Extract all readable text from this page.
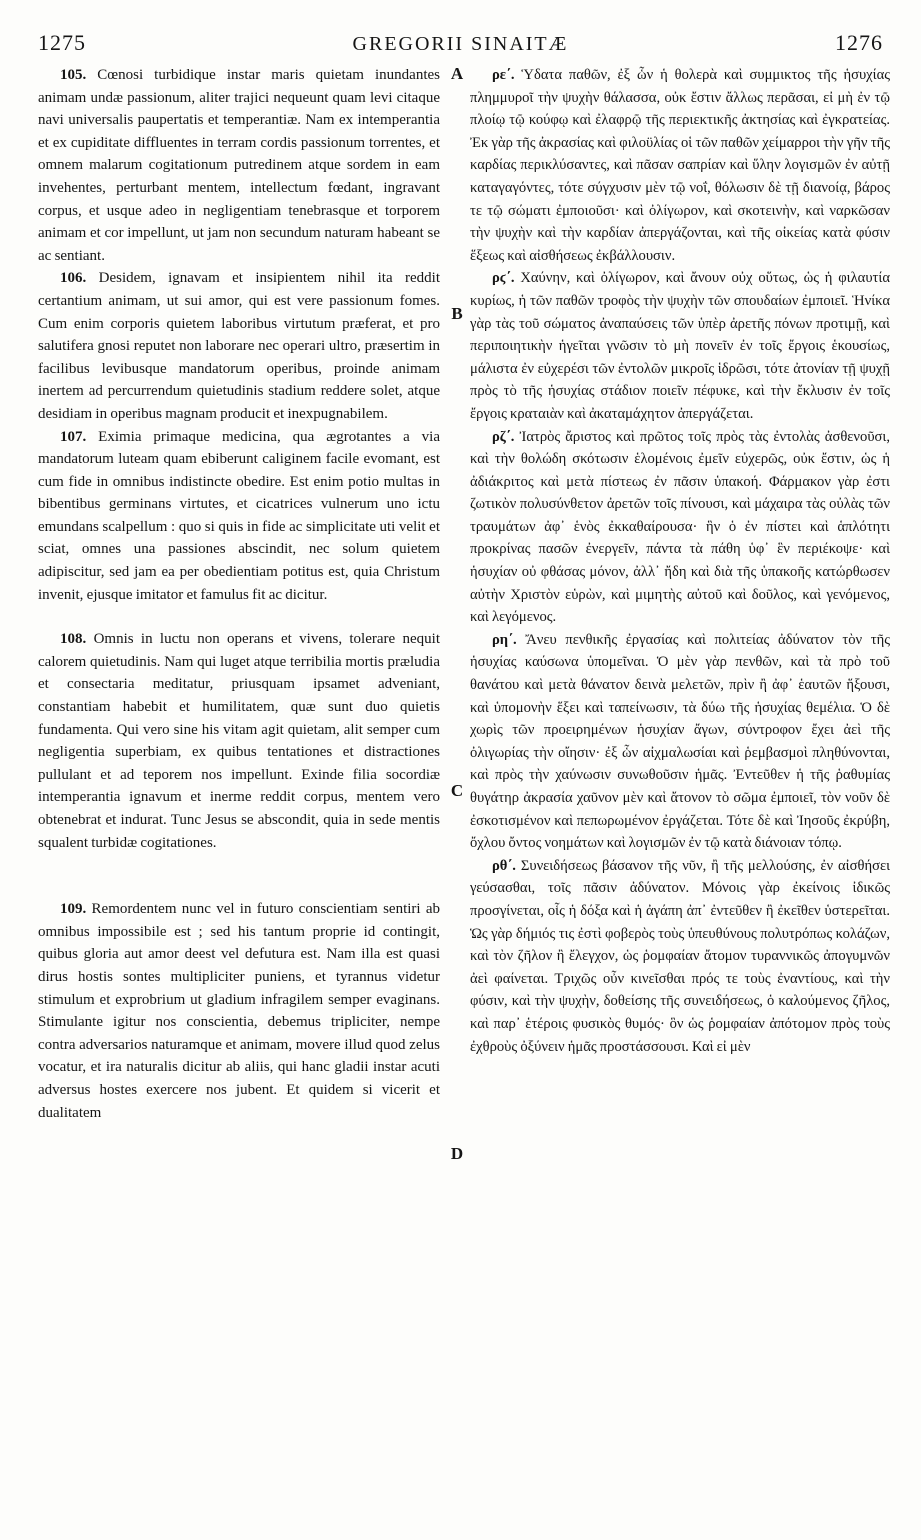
1275	GREGORII SINAITÆ	1276

105. Cœnosi turbidique instar maris quietam inundantes animam undæ passionum, aliter trajici nequeunt quam levi citaque navi universalis paupertatis et temperantiæ. Nam ex intemperantia et ex cupiditate diffluentes in terram cordis passionum torrentes, et omnem malarum cogitationum putredinem atque sordem in eam invehentes, perturbant mentem, intellectum fœdant, ingravant corpus, et usque adeo in negligentiam tenebrasque et torporem animam et cor impellunt, ut jam non secundum naturam habeant se ac sentiant.

106. Desidem, ignavam et insipientem nihil ita reddit certantium animam, ut sui amor, qui est vere passionum fomes. Cum enim corporis quietem laboribus virtutum præferat, et pro salutifera gnosi reputet non laborare nec operari ultro, præsertim in facilibus levibusque mandatorum operibus, proinde animam inertem ad percurrendum quietudinis stadium reddere solet, atque desidiam in operibus magnam producit et inexpugnabilem.

107. Eximia primaque medicina, qua ægrotantes a via mandatorum luteam quam ebiberunt caliginem facile evomant, est cum fide in omnibus indistincte obedire. Est enim potio multas in bibentibus germinans virtutes, et cicatrices vulnerum uno ictu emundans scalpellum : quo si quis in fide ac simplicitate uti velit et sciat, omnes una passiones abscindit, nec solum quietem adipiscitur, sed jam ea per obedientiam potitus est, quia Christum invenit, ejusque imitator et famulus fit ac dicitur.

108. Omnis in luctu non operans et vivens, tolerare nequit calorem quietudinis. Nam qui luget atque terribilia mortis præludia et consectaria meditatur, priusquam ipsamet adveniant, constantiam habebit et humilitatem, quæ sunt duo quietis fundamenta. Qui vero sine his vitam agit quietam, alit semper cum negligentia superbiam, ex quibus tentationes et distractiones pullulant et ad teporem nos impellunt. Exinde filia socordiæ intemperantia ignavum et inerme reddit corpus, mentem vero obtenebrat et indurat. Tunc Jesus se abscondit, quia in sede mentis squalent turbidæ cogitationes.

109. Remordentem nunc vel in futuro conscientiam sentiri ab omnibus impossibile est ; sed his tantum proprie id contingit, quibus gloria aut amor deest vel defutura est. Nam illa est quasi dirus hostis sontes multipliciter puniens, et tyrannus videtur stimulum et exprobrium ut gladium infragilem semper evaginans. Stimulante igitur nos conscientia, debemus tripliciter, nempe contra adversarios naturamque et animam, movere illud quod zelus vocatur, et ira naturalis dicitur ab aliis, qui hanc gladii instar acuti adversus hostes exercere nos jubent. Et quidem si vicerit et dualitatem

A
B
C
D

ρε΄. Ὑδατα παθῶν, ἐξ ὧν ἡ θολερὰ καὶ συμμικτος τῆς ἡσυχίας πλημμυροῖ τὴν ψυχὴν θάλασσα, οὐκ ἔστιν ἄλλως περᾶσαι, εἰ μὴ ἐν τῷ πλοίῳ τῷ κούφῳ καὶ ἐλαφρῷ τῆς περιεκτικῆς ἀκτησίας καὶ ἐγκρατείας. Ἐκ γὰρ τῆς ἀκρασίας καὶ φιλοϋλίας οἱ τῶν παθῶν χείμαρροι τὴν γῆν τῆς καρδίας περικλύσαντες, καὶ πᾶσαν σαπρίαν καὶ ὕλην λογισμῶν ἐν αὐτῇ καταγαγόντες, τότε σύγχυσιν μὲν τῷ νοΐ, θόλωσιν δὲ τῇ διανοίᾳ, βάρος τε τῷ σώματι ἐμποιοῦσι· καὶ ὀλίγωρον, καὶ σκοτεινὴν, καὶ ναρκῶσαν τὴν ψυχὴν καὶ τὴν καρδίαν ἀπεργάζονται, καὶ τῆς οἰκείας κατὰ φύσιν ἕξεως καὶ αἰσθήσεως ἐκβάλλουσιν.

ρϛ΄. Χαύνην, καὶ ὀλίγωρον, καὶ ἄνουν οὐχ οὕτως, ὡς ἡ φιλαυτία κυρίως, ἡ τῶν παθῶν τροφὸς τὴν ψυχὴν τῶν σπουδαίων ἐμποιεῖ. Ἡνίκα γὰρ τὰς τοῦ σώματος ἀναπαύσεις τῶν ὑπὲρ ἀρετῆς πόνων προτιμῇ, καὶ περιποιητικὴν ἡγεῖται γνῶσιν τὸ μὴ πονεῖν ἐν τοῖς ἔργοις ἑκουσίως, μάλιστα ἐν εὐχερέσι τῶν ἐντολῶν μικροῖς ἱδρῶσι, τότε ἀτονίαν τῇ ψυχῇ πρὸς τὸ τῆς ἡσυχίας στάδιον ποιεῖν πέφυκε, καὶ τὴν ἔκλυσιν ἐν τοῖς ἔργοις κραταιὰν καὶ ἀκαταμάχητον ἀπεργάζεται.

ρζ΄. Ἰατρὸς ἄριστος καὶ πρῶτος τοῖς πρὸς τὰς ἐντολὰς ἀσθενοῦσι, καὶ τὴν θολώδη σκότωσιν ἑλομένοις ἐμεῖν εὐχερῶς, οὐκ ἔστιν, ὡς ἡ ἀδιάκριτος καὶ μετὰ πίστεως ἐν πᾶσιν ὑπακοή. Φάρμακον γὰρ ἐστι ζωτικὸν πολυσύνθετον ἀρετῶν τοῖς πίνουσι, καὶ μάχαιρα τὰς οὐλὰς τῶν τραυμάτων ἀφ᾽ ἑνὸς ἐκκαθαίρουσα· ἣν ὁ ἐν πίστει καὶ ἁπλότητι προκρίνας πασῶν ἐνεργεῖν, πάντα τὰ πάθη ὑφ᾽ ἓν περιέκοψε· καὶ ἡσυχίαν οὐ φθάσας μόνον, ἀλλ᾽ ἤδη καὶ διὰ τῆς ὑπακοῆς κατώρθωσεν αὐτὴν Χριστὸν εὑρὼν, καὶ μιμητὴς αὐτοῦ καὶ δοῦλος, καὶ γενόμενος, καὶ λεγόμενος.

ρη΄. Ἄνευ πενθικῆς ἐργασίας καὶ πολιτείας ἀδύνατον τὸν τῆς ἡσυχίας καύσωνα ὑπομεῖναι. Ὁ μὲν γὰρ πενθῶν, καὶ τὰ πρὸ τοῦ θανάτου καὶ μετὰ θάνατον δεινὰ μελετῶν, πρὶν ἢ ἀφ᾽ ἑαυτῶν ἥξουσι, καὶ ὑπομονὴν ἕξει καὶ ταπείνωσιν, τὰ δύω τῆς ἡσυχίας θεμέλια. Ὁ δὲ χωρὶς τῶν προειρημένων ἡσυχίαν ἄγων, σύντροφον ἔχει ἀεὶ τῆς ὀλιγωρίας τὴν οἴησιν· ἐξ ὧν αἰχμαλωσίαι καὶ ῥεμβασμοὶ πληθύνονται, καὶ πρὸς τὴν χαύνωσιν συνωθοῦσιν ἡμᾶς. Ἐντεῦθεν ἡ τῆς ῥαθυμίας θυγάτηρ ἀκρασία χαῦνον μὲν καὶ ἄτονον τὸ σῶμα ἐμποιεῖ, τὸν νοῦν δὲ ἐσκοτισμένον καὶ πεπωρωμένον ἐργάζεται. Τότε δὲ καὶ Ἰησοῦς ἐκρύβη, ὄχλου ὄντος νοημάτων καὶ λογισμῶν ἐν τῷ κατὰ διάνοιαν τόπῳ.

ρθ΄. Συνειδήσεως βάσανον τῆς νῦν, ἢ τῆς μελλούσης, ἐν αἰσθήσει γεύσασθαι, τοῖς πᾶσιν ἀδύνατον. Μόνοις γὰρ ἐκείνοις ἰδικῶς προσγίνεται, οἷς ἡ δόξα καὶ ἡ ἀγάπη ἀπ᾽ ἐντεῦθεν ἢ ἐκεῖθεν ὑστερεῖται. Ὡς γὰρ δήμιός τις ἐστὶ φοβερὸς τοὺς ὑπευθύνους πολυτρόπως κολάζων, καὶ τὸν ζῆλον ἢ ἔλεγχον, ὡς ῥομφαίαν ἄτομον τυραννικῶς ἀπογυμνῶν ἀεὶ φαίνεται. Τριχῶς οὖν κινεῖσθαι πρός τε τοὺς ἐναντίους, καὶ τὴν φύσιν, καὶ τὴν ψυχὴν, δοθείσης τῆς συνειδήσεως, ὁ καλούμενος ζῆλος, καὶ παρ᾽ ἑτέροις φυσικὸς θυμός· ὃν ὡς ῥομφαίαν ἀπότομον πρὸς τοὺς ἐχθροὺς ὀξύνειν ἡμᾶς προστάσσουσι. Καὶ εἰ μὲν
